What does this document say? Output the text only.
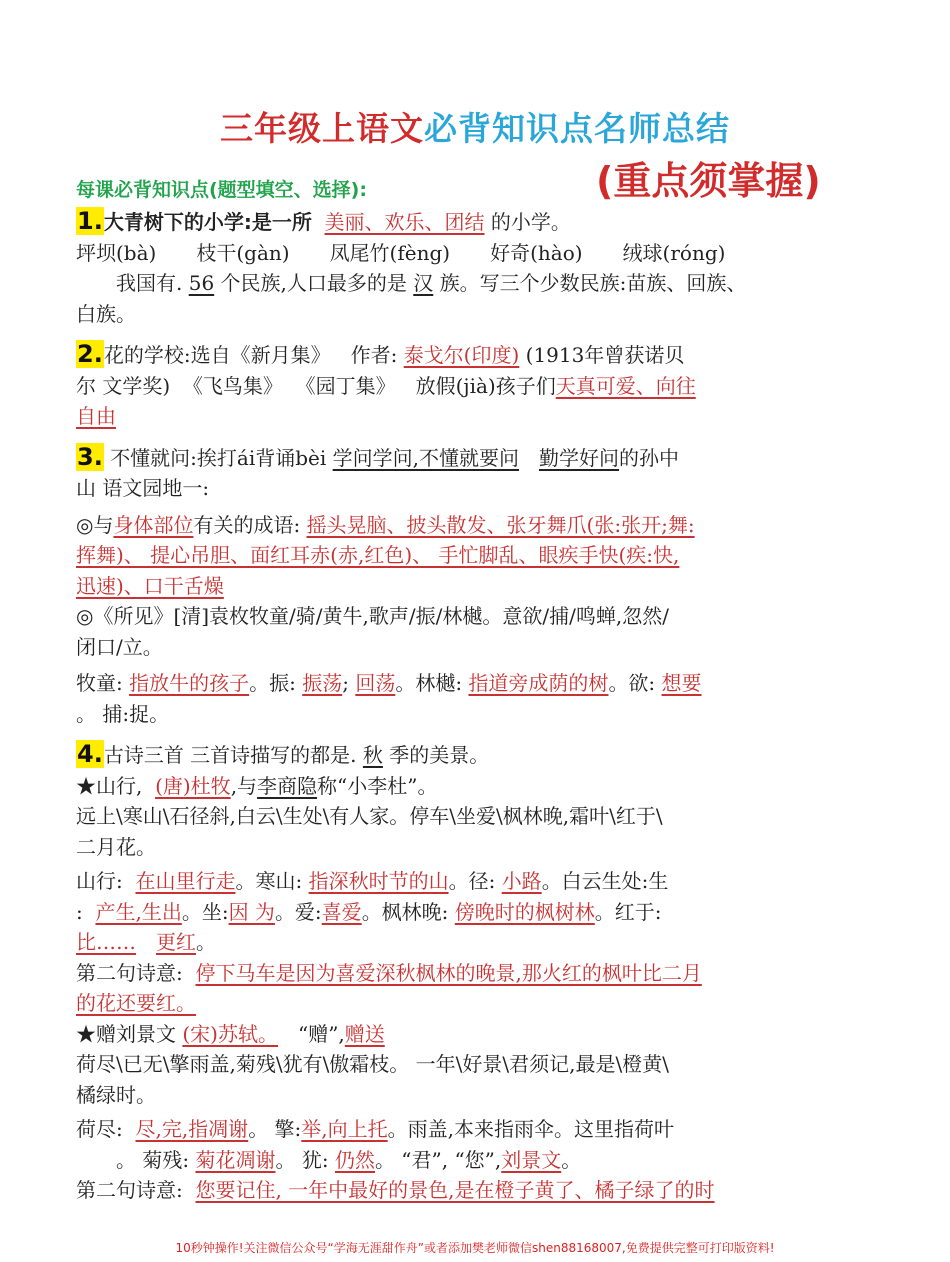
三年级上语文必背知识点名师总结
(重点须掌握)
每课必背知识点(题型填空、选择):
1.大青树下的小学:是一所 美丽、欢乐、团结 的小学。
坪坝(bà)   枝干(gàn)   凤尾竹(fèng)   好奇(hào)   绒球(róng)
我国有. 56 个民族,人口最多的是 汉 族。写三个少数民族:苗族、回族、
白族。
2.花的学校:选自《新月集》  作者: 泰戈尔(印度) (1913年曾获诺贝
尔 文学奖) 《飞鸟集》 《园丁集》  放假(jià)孩子们天真可爱、向往
自由
3. 不懂就问:挨打ái背诵bèi 学问学问,不懂就要问  勤学好问的孙中
山 语文园地一:
◎与身体部位有关的成语: 摇头晃脑、披头散发、张牙舞爪(张:张开;舞:
挥舞)、 提心吊胆、面红耳赤(赤,红色)、 手忙脚乱、眼疾手快(疾:快,
迅速)、口干舌燥
◎《所见》[清]袁枚牧童/骑/黄牛,歌声/振/林樾。意欲/捕/鸣蝉,忽然/
闭口/立。
牧童: 指放牛的孩子。振: 振荡; 回荡。林樾: 指道旁成荫的树。欲: 想要
。 捕:捉。
4.古诗三首 三首诗描写的都是. 秋 季的美景。
★山行, (唐)杜牧,与李商隐称“小李杜”。
远上\寒山\石径斜,白云\生处\有人家。停车\坐爱\枫林晚,霜叶\红于\
二月花。
山行: 在山里行走。寒山: 指深秋时节的山。径: 小路。白云生处:生
: 产生,生出。坐:因 为。爱:喜爱。枫林晚: 傍晚时的枫树林。红于:
比……  更红。
第二句诗意: 停下马车是因为喜爱深秋枫林的晚景,那火红的枫叶比二月
的花还要红。
★赠刘景文 (宋)苏轼。  “赠”,赠送
荷尽\已无\擎雨盖,菊残\犹有\傲霜枝。 一年\好景\君须记,最是\橙黄\
橘绿时。
荷尽: 尽,完,指凋谢。 擎:举,向上托。雨盖,本来指雨伞。这里指荷叶
。 菊残: 菊花凋谢。 犹: 仍然。 “君”, “您”,刘景文。
第二句诗意: 您要记住, 一年中最好的景色,是在橙子黄了、橘子绿了的时
10秒钟操作!关注微信公众号“学海无涯甜作舟”或者添加樊老师微信shen88168007,免费提供完整可打印版资料!
